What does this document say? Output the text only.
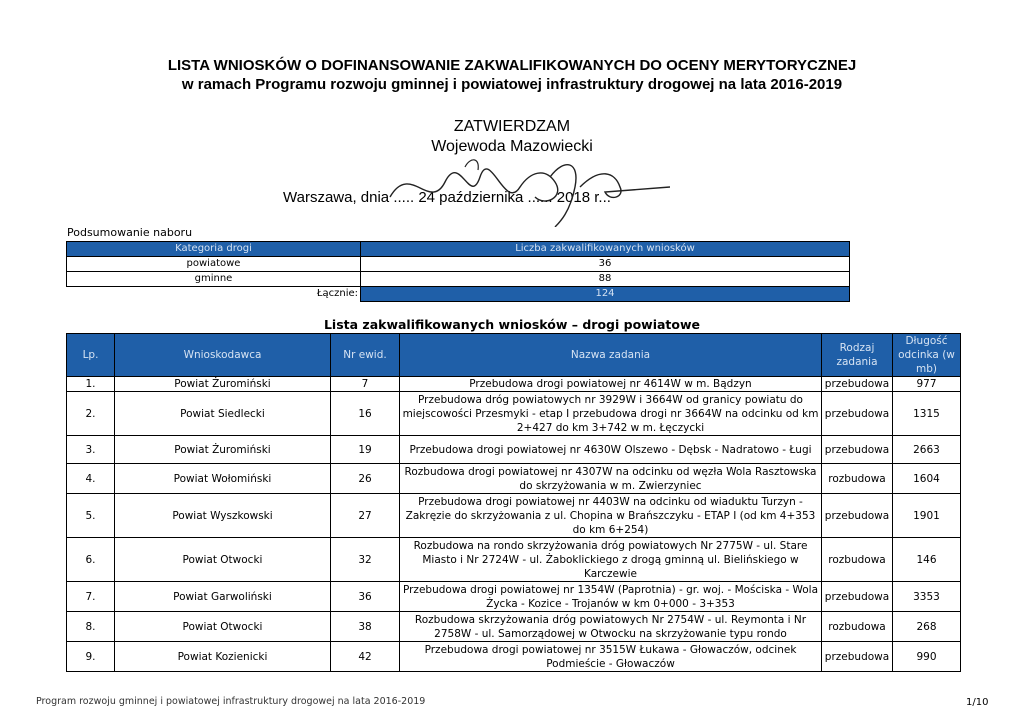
LISTA WNIOSKÓW O DOFINANSOWANIE ZAKWALIFIKOWANYCH DO OCENY MERYTORYCZNEJ
w ramach Programu rozwoju gminnej i powiatowej infrastruktury drogowej na lata 2016-2019
ZATWIERDZAM
Wojewoda Mazowiecki
Warszawa, dnia ..... 24 października ...... 2018 r...
Podsumowanie naboru
Kategoria drogi	Liczba zakwalifikowanych wniosków
powiatowe	36
gminne	88
Łącznie:	124
Lista zakwalifikowanych wniosków – drogi powiatowe
Lp.	Wnioskodawca	Nr ewid.	Nazwa zadania	Rodzaj zadania	Długość odcinka (w mb)
1.	Powiat Żuromiński	7	Przebudowa drogi powiatowej nr 4614W w m. Bądzyn	przebudowa	977
2.	Powiat Siedlecki	16	Przebudowa dróg powiatowych nr 3929W i 3664W od granicy powiatu do miejscowości Przesmyki - etap I przebudowa drogi nr 3664W na odcinku od km 2+427 do km 3+742 w m. Łęczycki	przebudowa	1315
3.	Powiat Żuromiński	19	Przebudowa drogi powiatowej nr 4630W Olszewo - Dębsk - Nadratowo - Ługi	przebudowa	2663
4.	Powiat Wołomiński	26	Rozbudowa drogi powiatowej nr 4307W na odcinku od węzła Wola Rasztowska do skrzyżowania w m. Zwierzyniec	rozbudowa	1604
5.	Powiat Wyszkowski	27	Przebudowa drogi powiatowej nr 4403W na odcinku od wiaduktu Turzyn - Zakręzie do skrzyżowania z ul. Chopina w Brańszczyku - ETAP I (od km 4+353 do km 6+254)	przebudowa	1901
6.	Powiat Otwocki	32	Rozbudowa na rondo skrzyżowania dróg powiatowych Nr 2775W - ul. Stare Miasto i Nr 2724W - ul. Żaboklickiego z drogą gminną ul. Bielińskiego w Karczewie	rozbudowa	146
7.	Powiat Garwoliński	36	Przebudowa drogi powiatowej nr 1354W (Paprotnia) - gr. woj. - Mościska - Wola Życka - Kozice - Trojanów w km 0+000 - 3+353	przebudowa	3353
8.	Powiat Otwocki	38	Rozbudowa skrzyżowania dróg powiatowych Nr 2754W - ul. Reymonta i Nr 2758W - ul. Samorządowej w Otwocku na skrzyżowanie typu rondo	rozbudowa	268
9.	Powiat Kozienicki	42	Przebudowa drogi powiatowej nr 3515W Łukawa - Głowaczów, odcinek Podmieście - Głowaczów	przebudowa	990
Program rozwoju gminnej i powiatowej infrastruktury drogowej na lata 2016-2019	1/10
